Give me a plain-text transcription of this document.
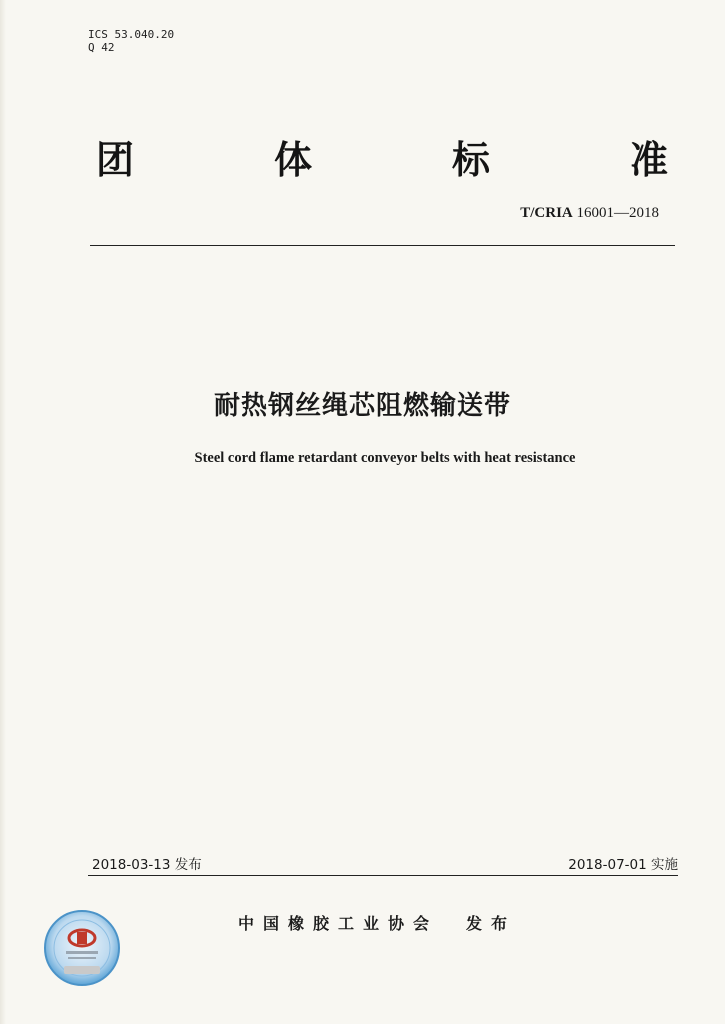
ICS 53.040.20
Q 42
团	体	标	准
T/CRIA 16001—2018
耐热钢丝绳芯阻燃输送带
Steel cord flame retardant conveyor belts with heat resistance
2018-03-13 发布	2018-07-01 实施
中国橡胶工业协会 发布
